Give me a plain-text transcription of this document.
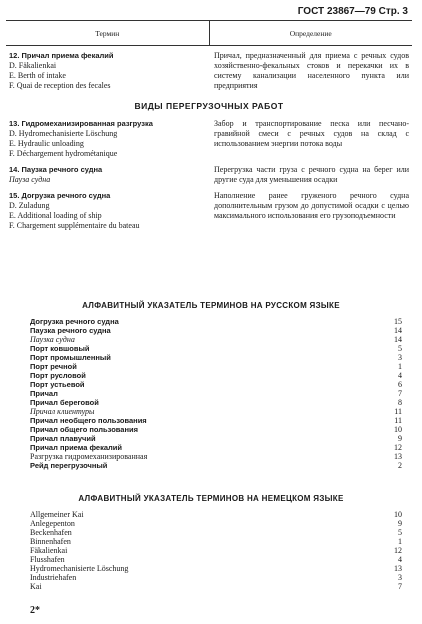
ГОСТ 23867—79 Стр. 3
Термин	Определение
12. Причал приема фекалий
D. Fäkalienkai
E. Berth of intake
F. Quai de reception des fecales
Причал, предназначенный для приема с речных судов хозяйственно-фекальных стоков и перекачки их в систему канализации населенного пункта или предприятия
ВИДЫ ПЕРЕГРУЗОЧНЫХ РАБОТ
13. Гидромеханизированная разгрузка
D. Hydromechanisierte Löschung
E. Hydraulic unloading
F. Déchargement hydrométanique
Забор и транспортирование песка или песчано-гравийной смеси с речных судов на склад с использованием энергии потока воды
14. Паузка речного судна
Пауза судна
Перегрузка части груза с речного судна на берег или другие суда для уменьшения осадки
15. Догрузка речного судна
D. Zuladung
E. Additional loading of ship
F. Chargement supplémentaire du bateau
Наполнение ранее груженого речного судна дополнительным грузом до допустимой осадки с целью максимального использования его грузоподъемности
АЛФАВИТНЫЙ УКАЗАТЕЛЬ ТЕРМИНОВ НА РУССКОМ ЯЗЫКЕ
Догрузка речного судна	15
Паузка речного судна	14
Паузка судна	14
Порт ковшовый	5
Порт промышленный	3
Порт речной	1
Порт русловой	4
Порт устьевой	6
Причал	7
Причал береговой	8
Причал клиентуры	11
Причал необщего пользования	11
Причал общего пользования	10
Причал плавучий	9
Причал приема фекалий	12
Разгрузка гидромеханизированная	13
Рейд перегрузочный	2
АЛФАВИТНЫЙ УКАЗАТЕЛЬ ТЕРМИНОВ НА НЕМЕЦКОМ ЯЗЫКЕ
Allgemeiner Kai	10
Anlegepenton	9
Beckenhafen	5
Binnenhafen	1
Fäkalienkai	12
Flusshafen	4
Hydromechanisierte Löschung	13
Industriehafen	3
Kai	7
2*
